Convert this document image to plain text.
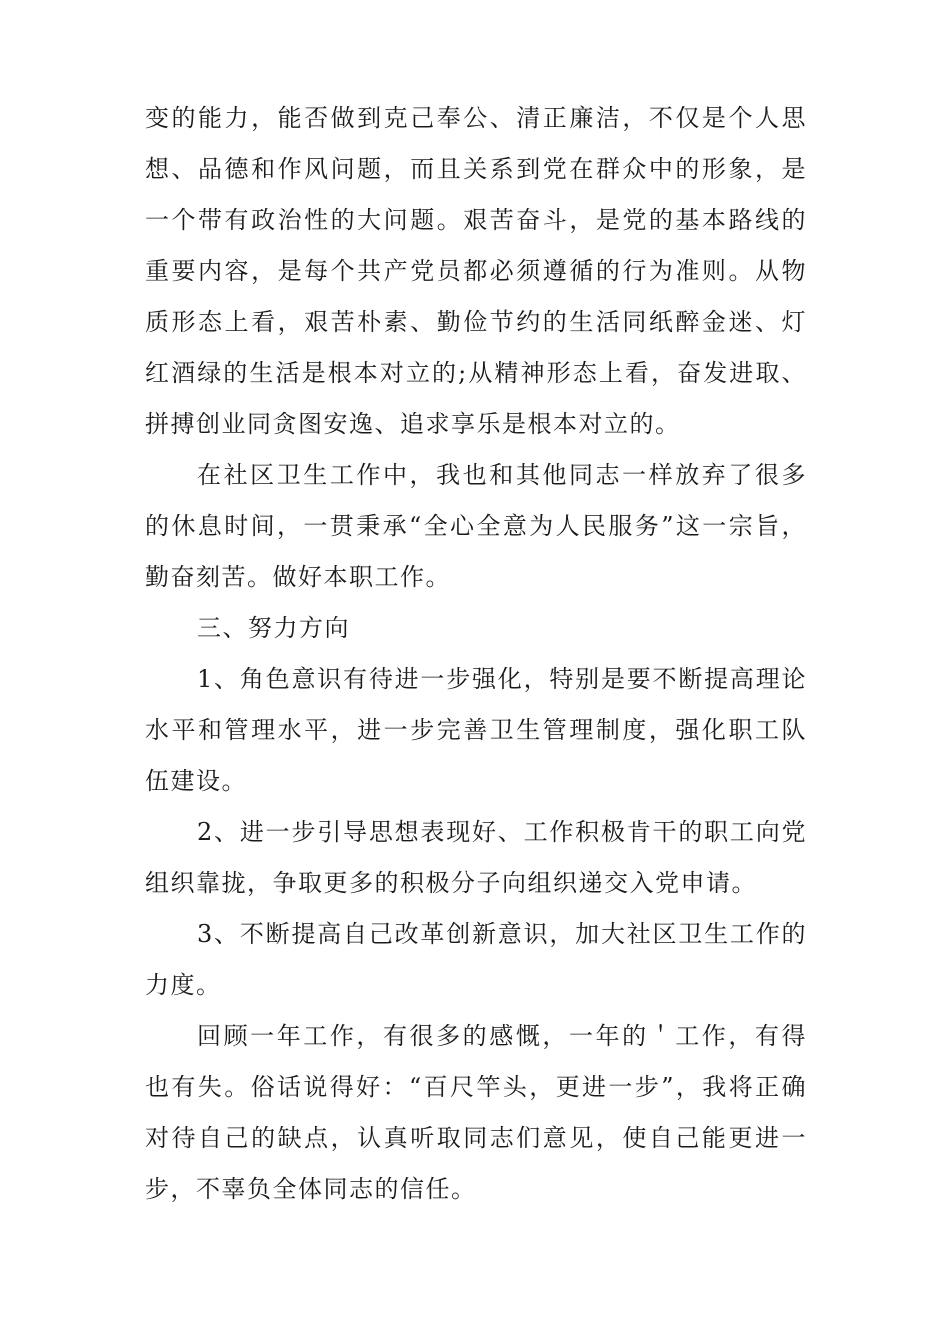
变的能力，能否做到克己奉公、清正廉洁，不仅是个人思想、品德和作风问题，而且关系到党在群众中的形象，是一个带有政治性的大问题。艰苦奋斗，是党的基本路线的重要内容，是每个共产党员都必须遵循的行为准则。从物质形态上看，艰苦朴素、勤俭节约的生活同纸醉金迷、灯红酒绿的生活是根本对立的;从精神形态上看，奋发进取、拼搏创业同贪图安逸、追求享乐是根本对立的。

在社区卫生工作中，我也和其他同志一样放弃了很多的休息时间，一贯秉承“全心全意为人民服务”这一宗旨，勤奋刻苦。做好本职工作。

三、努力方向

1、角色意识有待进一步强化，特别是要不断提高理论水平和管理水平，进一步完善卫生管理制度，强化职工队伍建设。

2、进一步引导思想表现好、工作积极肯干的职工向党组织靠拢，争取更多的积极分子向组织递交入党申请。

3、不断提高自己改革创新意识，加大社区卫生工作的力度。

回顾一年工作，有很多的感慨，一年的＇工作，有得也有失。俗话说得好：“百尺竿头，更进一步”，我将正确对待自己的缺点，认真听取同志们意见，使自己能更进一步，不辜负全体同志的信任。
